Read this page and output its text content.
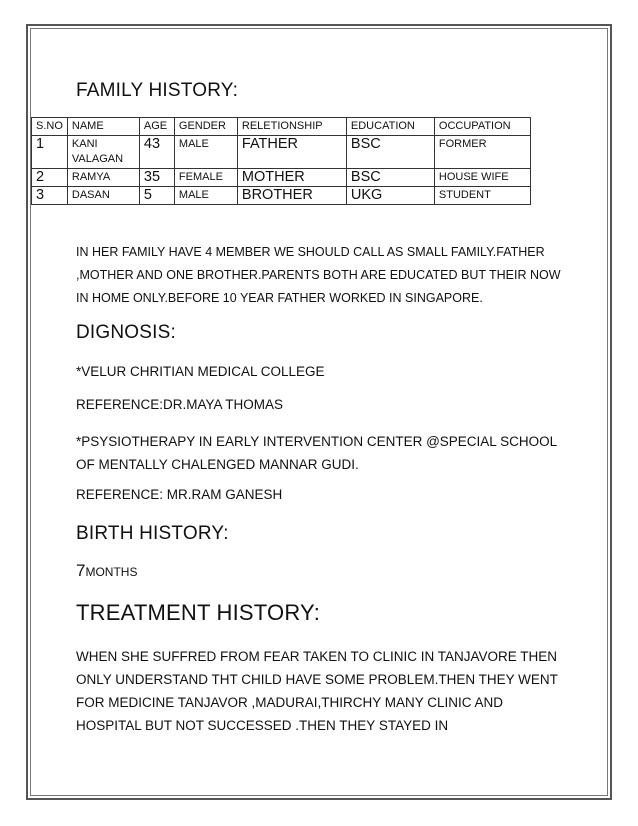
FAMILY HISTORY:
S.NO	NAME	AGE	GENDER	RELETIONSHIP	EDUCATION	OCCUPATION
1	KANI VALAGAN	43	MALE	FATHER	BSC	FORMER
2	RAMYA	35	FEMALE	MOTHER	BSC	HOUSE WIFE
3	DASAN	5	MALE	BROTHER	UKG	STUDENT

IN HER FAMILY HAVE 4 MEMBER WE SHOULD CALL AS SMALL FAMILY.FATHER ,MOTHER AND ONE BROTHER.PARENTS BOTH ARE EDUCATED BUT THEIR NOW IN HOME ONLY.BEFORE 10 YEAR FATHER WORKED IN SINGAPORE.

DIGNOSIS:

*VELUR CHRITIAN MEDICAL COLLEGE

REFERENCE:DR.MAYA THOMAS

*PSYSIOTHERAPY IN EARLY INTERVENTION CENTER @SPECIAL SCHOOL OF MENTALLY CHALENGED MANNAR GUDI.

REFERENCE: MR.RAM GANESH

BIRTH HISTORY:

7MONTHS

TREATMENT HISTORY:

WHEN SHE SUFFRED FROM FEAR TAKEN TO CLINIC IN TANJAVORE THEN ONLY UNDERSTAND THT CHILD HAVE SOME PROBLEM.THEN THEY WENT FOR MEDICINE TANJAVOR ,MADURAI,THIRCHY MANY CLINIC AND HOSPITAL BUT NOT SUCCESSED .THEN THEY STAYED IN
